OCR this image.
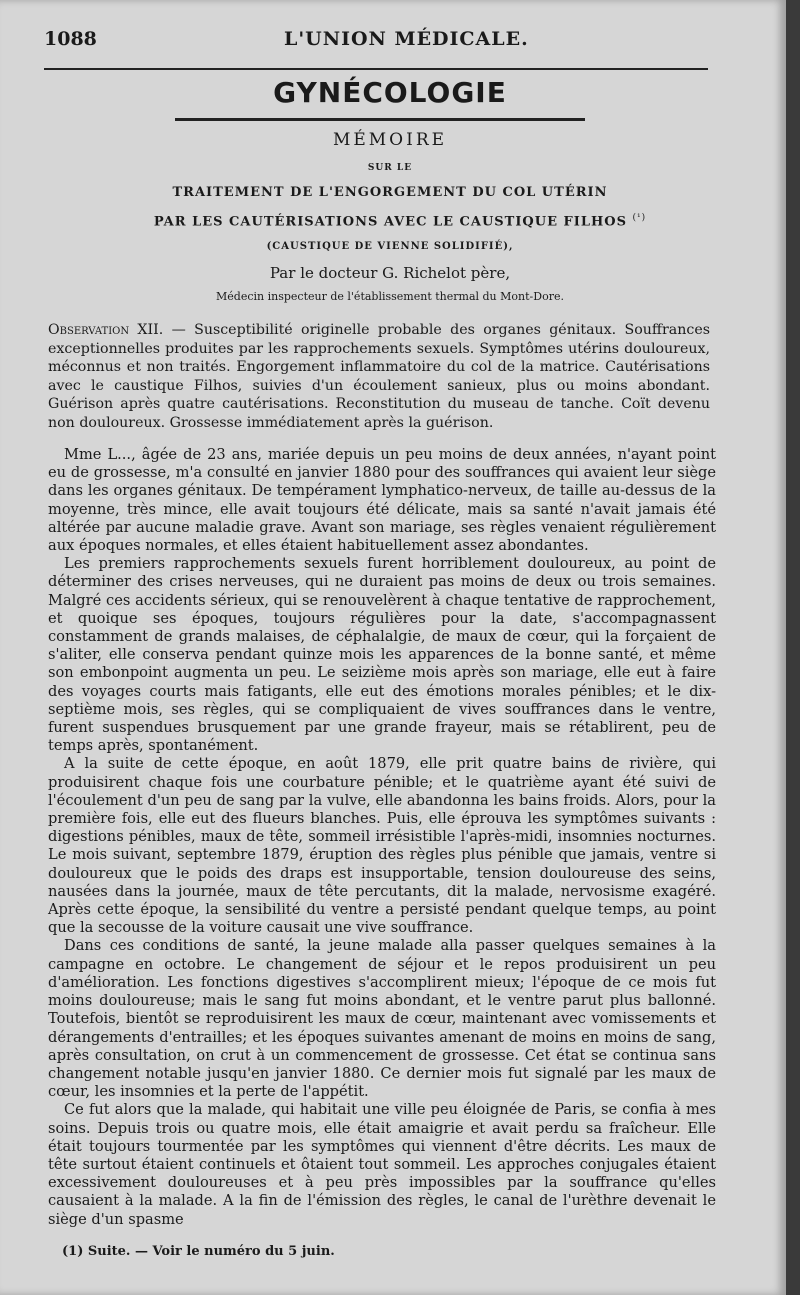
1088	L'UNION MÉDICALE.
GYNÉCOLOGIE
MÉMOIRE
SUR LE
TRAITEMENT DE L'ENGORGEMENT DU COL UTÉRIN
PAR LES CAUTÉRISATIONS AVEC LE CAUSTIQUE FILHOS $^{(^1)}$
(CAUSTIQUE DE VIENNE SOLIDIFIÉ),
Par le docteur G. Richelot père,
Médecin inspecteur de l'établissement thermal du Mont-Dore.
Observation XII. — Susceptibilité originelle probable des organes génitaux. Souffrances exceptionnelles produites par les rapprochements sexuels. Symptômes utérins douloureux, méconnus et non traités. Engorgement inflammatoire du col de la matrice. Cautérisations avec le caustique Filhos, suivies d'un écoulement sanieux, plus ou moins abondant. Guérison après quatre cautérisations. Reconstitution du museau de tanche. Coït devenu non douloureux. Grossesse immédiatement après la guérison.

Mme L..., âgée de 23 ans, mariée depuis un peu moins de deux années, n'ayant point eu de grossesse, m'a consulté en janvier 1880 pour des souffrances qui avaient leur siège dans les organes génitaux. De tempérament lymphatico-nerveux, de taille au-dessus de la moyenne, très mince, elle avait toujours été délicate, mais sa santé n'avait jamais été altérée par aucune maladie grave. Avant son mariage, ses règles venaient régulièrement aux époques normales, et elles étaient habituellement assez abondantes.

Les premiers rapprochements sexuels furent horriblement douloureux, au point de déterminer des crises nerveuses, qui ne duraient pas moins de deux ou trois semaines. Malgré ces accidents sérieux, qui se renouvelèrent à chaque tentative de rapprochement, et quoique ses époques, toujours régulières pour la date, s'accompagnassent constamment de grands malaises, de céphalalgie, de maux de cœur, qui la forçaient de s'aliter, elle conserva pendant quinze mois les apparences de la bonne santé, et même son embonpoint augmenta un peu. Le seizième mois après son mariage, elle eut à faire des voyages courts mais fatigants, elle eut des émotions morales pénibles; et le dix-septième mois, ses règles, qui se compliquaient de vives souffrances dans le ventre, furent suspendues brusquement par une grande frayeur, mais se rétablirent, peu de temps après, spontanément.

A la suite de cette époque, en août 1879, elle prit quatre bains de rivière, qui produisirent chaque fois une courbature pénible; et le quatrième ayant été suivi de l'écoulement d'un peu de sang par la vulve, elle abandonna les bains froids. Alors, pour la première fois, elle eut des flueurs blanches. Puis, elle éprouva les symptômes suivants : digestions pénibles, maux de tête, sommeil irrésistible l'après-midi, insomnies nocturnes. Le mois suivant, septembre 1879, éruption des règles plus pénible que jamais, ventre si douloureux que le poids des draps est insupportable, tension douloureuse des seins, nausées dans la journée, maux de tête percutants, dit la malade, nervosisme exagéré. Après cette époque, la sensibilité du ventre a persisté pendant quelque temps, au point que la secousse de la voiture causait une vive souffrance.

Dans ces conditions de santé, la jeune malade alla passer quelques semaines à la campagne en octobre. Le changement de séjour et le repos produisirent un peu d'amélioration. Les fonctions digestives s'accomplirent mieux; l'époque de ce mois fut moins douloureuse; mais le sang fut moins abondant, et le ventre parut plus ballonné. Toutefois, bientôt se reproduisirent les maux de cœur, maintenant avec vomissements et dérangements d'entrailles; et les époques suivantes amenant de moins en moins de sang, après consultation, on crut à un commencement de grossesse. Cet état se continua sans changement notable jusqu'en janvier 1880. Ce dernier mois fut signalé par les maux de cœur, les insomnies et la perte de l'appétit.

Ce fut alors que la malade, qui habitait une ville peu éloignée de Paris, se confia à mes soins. Depuis trois ou quatre mois, elle était amaigrie et avait perdu sa fraîcheur. Elle était toujours tourmentée par les symptômes qui viennent d'être décrits. Les maux de tête surtout étaient continuels et ôtaient tout sommeil. Les approches conjugales étaient excessivement douloureuses et à peu près impossibles par la souffrance qu'elles causaient à la malade. A la fin de l'émission des règles, le canal de l'urèthre devenait le siège d'un spasme

(1) Suite. — Voir le numéro du 5 juin.
